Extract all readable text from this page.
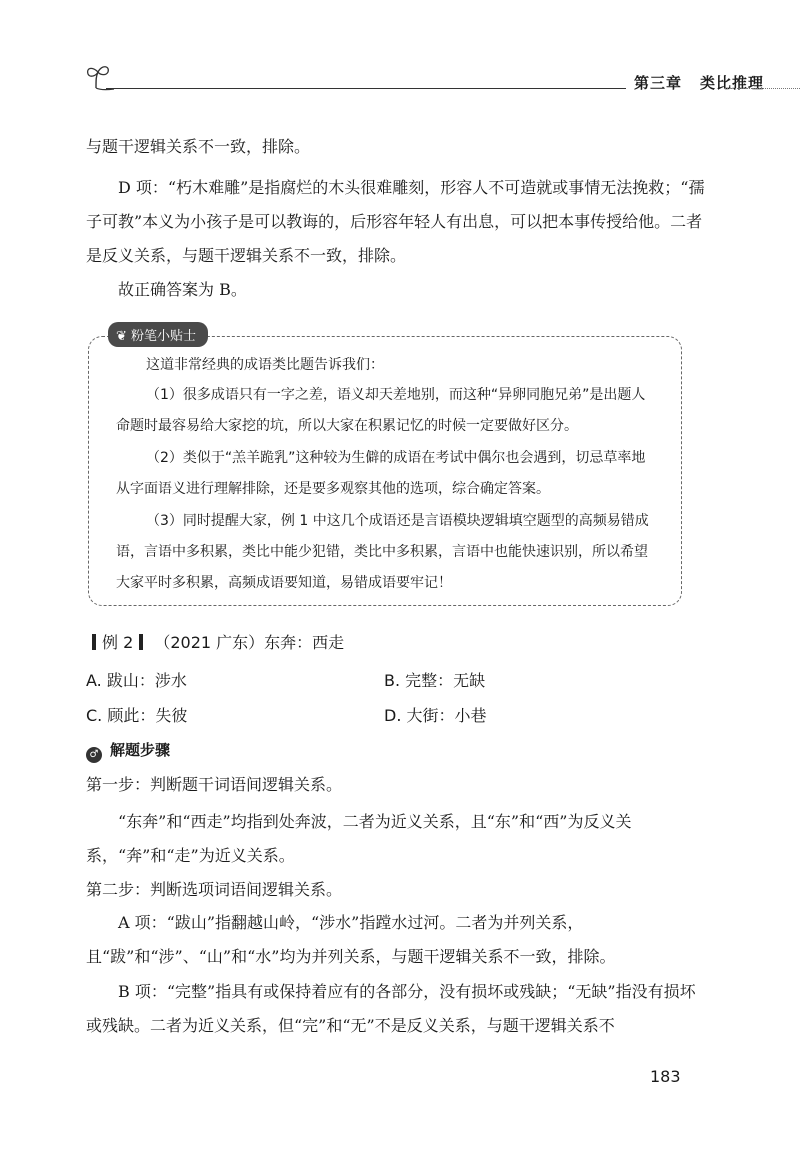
第三章 类比推理

与题干逻辑关系不一致，排除。

D 项：“朽木难雕”是指腐烂的木头很难雕刻，形容人不可造就或事情无法挽救；“孺子可教”本义为小孩子是可以教诲的，后形容年轻人有出息，可以把本事传授给他。二者是反义关系，与题干逻辑关系不一致，排除。

故正确答案为 B。

❦ 粉笔小贴士

这道非常经典的成语类比题告诉我们：

（1）很多成语只有一字之差，语义却天差地别，而这种“异卵同胞兄弟”是出题人命题时最容易给大家挖的坑，所以大家在积累记忆的时候一定要做好区分。

（2）类似于“羔羊跪乳”这种较为生僻的成语在考试中偶尔也会遇到，切忌草率地从字面语义进行理解排除，还是要多观察其他的选项，综合确定答案。

（3）同时提醒大家，例 1 中这几个成语还是言语模块逻辑填空题型的高频易错成语，言语中多积累，类比中能少犯错，类比中多积累，言语中也能快速识别，所以希望大家平时多积累，高频成语要知道，易错成语要牢记！

例 2 （2021 广东）东奔：西走
A. 跋山：涉水	B. 完整：无缺
C. 顾此：失彼	D. 大街：小巷
♂ 解题步骤

第一步：判断题干词语间逻辑关系。

“东奔”和“西走”均指到处奔波，二者为近义关系，且“东”和“西”为反义关系，“奔”和“走”为近义关系。

第二步：判断选项词语间逻辑关系。

A 项：“跋山”指翻越山岭，“涉水”指蹚水过河。二者为并列关系，且“跋”和“涉”、“山”和“水”均为并列关系，与题干逻辑关系不一致，排除。

B 项：“完整”指具有或保持着应有的各部分，没有损坏或残缺；“无缺”指没有损坏或残缺。二者为近义关系，但“完”和“无”不是反义关系，与题干逻辑关系不

183
